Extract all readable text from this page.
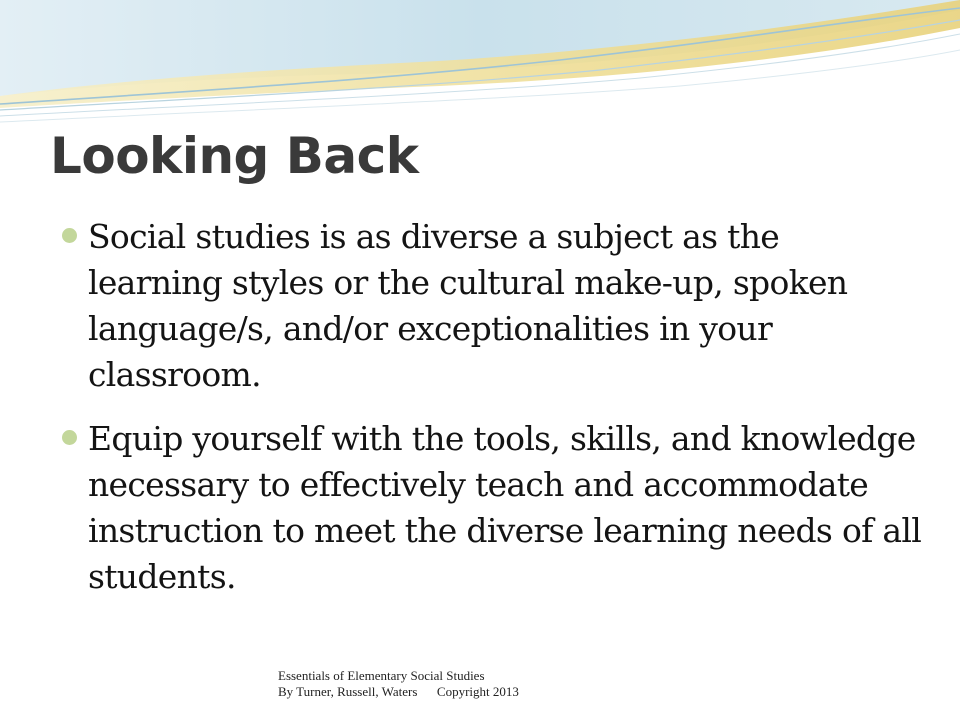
Looking Back
Social studies is as diverse a subject as the learning styles or the cultural make-up, spoken language/s, and/or exceptionalities in your classroom.
Equip yourself with the tools, skills, and knowledge necessary to effectively teach and accommodate instruction to meet the diverse learning needs of all students.
Essentials of Elementary Social Studies
By Turner, Russell, Waters      Copyright 2013
